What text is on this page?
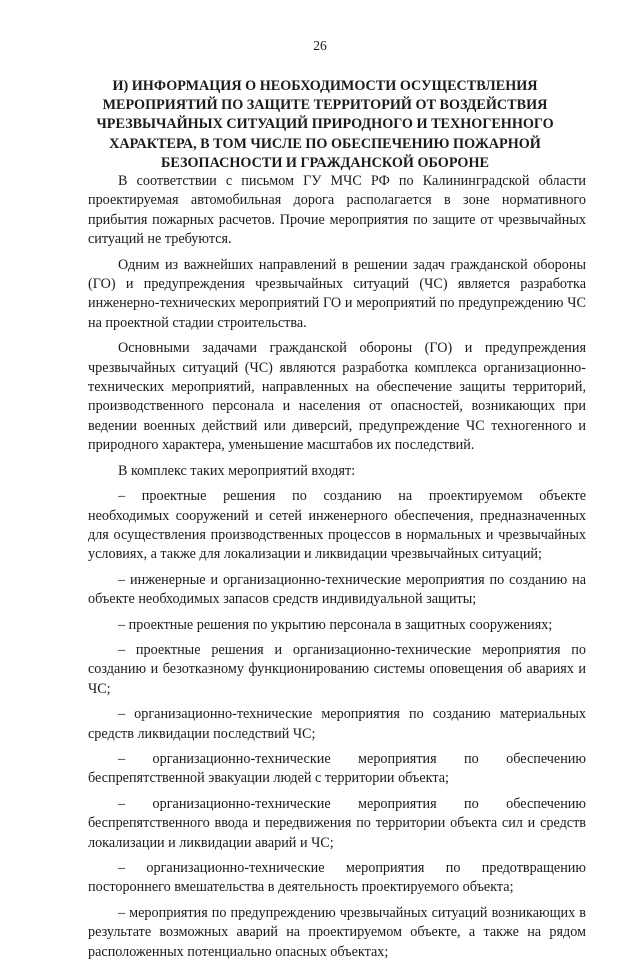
26
И) ИНФОРМАЦИЯ О НЕОБХОДИМОСТИ ОСУЩЕСТВЛЕНИЯ
МЕРОПРИЯТИЙ ПО ЗАЩИТЕ ТЕРРИТОРИЙ ОТ ВОЗДЕЙСТВИЯ
ЧРЕЗВЫЧАЙНЫХ СИТУАЦИЙ ПРИРОДНОГО И ТЕХНОГЕННОГО
ХАРАКТЕРА, В ТОМ ЧИСЛЕ ПО ОБЕСПЕЧЕНИЮ ПОЖАРНОЙ
БЕЗОПАСНОСТИ И ГРАЖДАНСКОЙ ОБОРОНЕ
В соответствии с письмом ГУ МЧС РФ по Калининградской области
проектируемая автомобильная дорога располагается в зоне нормативного
прибытия пожарных расчетов. Прочие мероприятия по защите от чрезвычайных
ситуаций не требуются.
Одним из важнейших направлений в решении задач гражданской обороны
(ГО) и предупреждения чрезвычайных ситуаций (ЧС) является разработка
инженерно-технических мероприятий ГО и мероприятий по предупреждению ЧС
на проектной стадии строительства.
Основными задачами гражданской обороны (ГО) и предупреждения
чрезвычайных ситуаций (ЧС) являются разработка комплекса организационно-
технических мероприятий, направленных на обеспечение защиты территорий,
производственного персонала и населения от опасностей, возникающих при
ведении военных действий или диверсий, предупреждение ЧС техногенного и
природного характера, уменьшение масштабов их последствий.
В комплекс таких мероприятий входят:
– проектные решения по созданию на проектируемом объекте
необходимых сооружений и сетей инженерного обеспечения, предназначенных
для осуществления производственных процессов в нормальных и чрезвычайных
условиях, а также для локализации и ликвидации чрезвычайных ситуаций;
– инженерные и организационно-технические мероприятия по созданию на
объекте необходимых запасов средств индивидуальной защиты;
– проектные решения по укрытию персонала в защитных сооружениях;
– проектные решения и организационно-технические мероприятия по
созданию и безотказному функционированию системы оповещения об авариях и
ЧС;
– организационно-технические мероприятия по созданию материальных
средств ликвидации последствий ЧС;
– организационно-технические мероприятия по обеспечению
беспрепятственной эвакуации людей с территории объекта;
– организационно-технические мероприятия по обеспечению
беспрепятственного ввода и передвижения по территории объекта сил и средств
локализации и ликвидации аварий и ЧС;
– организационно-технические мероприятия по предотвращению
постороннего вмешательства в деятельность проектируемого объекта;
– мероприятия по предупреждению чрезвычайных ситуаций возникающих в
результате возможных аварий на проектируемом объекте, а также на рядом
расположенных потенциально опасных объектах;
